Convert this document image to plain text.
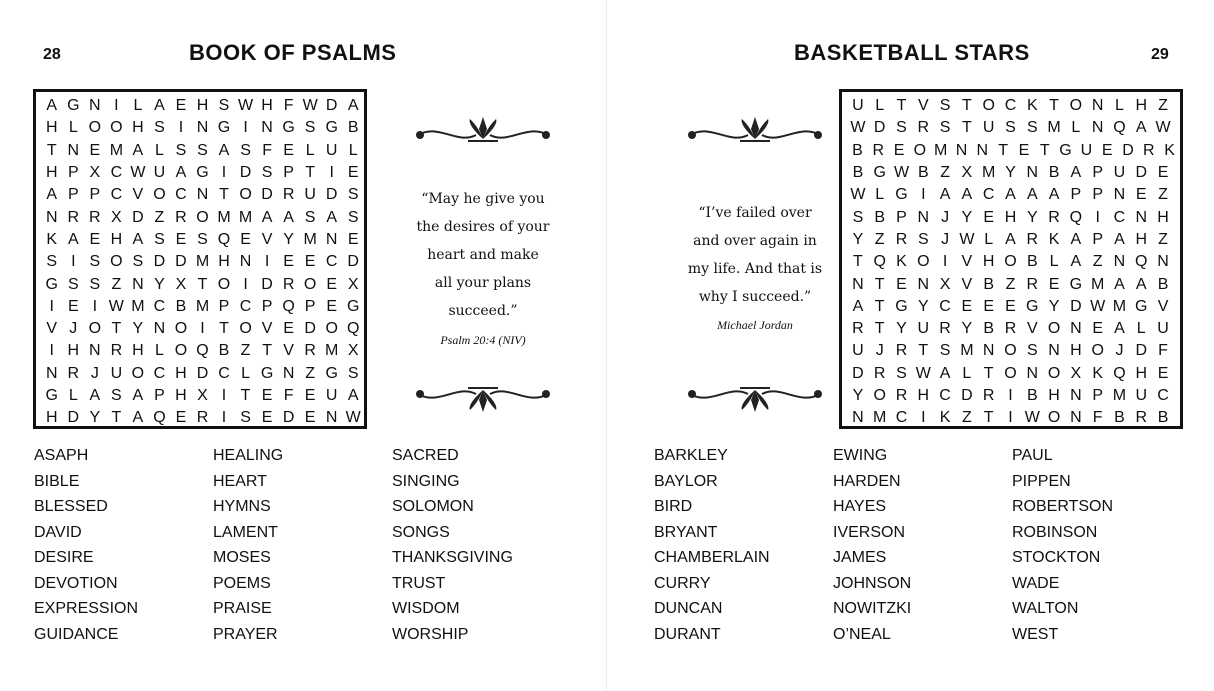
28	BOOK OF PSALMS
A G N I L A E H S W H F W D A
H L O O H S I N G I N G S G B
T N E M A L S S A S F E L U L
H P X C W U A G I D S P T I E
A P P C V O C N T O D R U D S
N R R X D Z R O M M A A S A S
K A E H A S E S Q E V Y M N E
S I S O S D D M H N I E E C D
G S S Z N Y X T O I D R O E X
I E I W M C B M P C P Q P E G
V J O T Y N O I T O V E D O Q
I H N R H L O Q B Z T V R M X
N R J U O C H D C L G N Z G S
G L A S A P H X I T E F E U A
H D Y T A Q E R I S E D E N W
“May he give you
the desires of your
heart and make
all your plans
succeed.”
Psalm 20:4 (NIV)
ASAPH
BIBLE
BLESSED
DAVID
DESIRE
DEVOTION
EXPRESSION
GUIDANCE
HEALING
HEART
HYMNS
LAMENT
MOSES
POEMS
PRAISE
PRAYER
SACRED
SINGING
SOLOMON
SONGS
THANKSGIVING
TRUST
WISDOM
WORSHIP
BASKETBALL STARS	29
“I’ve failed over
and over again in
my life. And that is
why I succeed.”
Michael Jordan
U L T V S T O C K T O N L H Z
W D S R S T U S S M L N Q A W
B R E O M N N T E T G U E D R K
B G W B Z X M Y N B A P U D E
W L G I A A C A A A P P N E Z
S B P N J Y E H Y R Q I C N H
Y Z R S J W L A R K A P A H Z
T Q K O I V H O B L A Z N Q N
N T E N X V B Z R E G M A A B
A T G Y C E E E G Y D W M G V
R T Y U R Y B R V O N E A L U
U J R T S M N O S N H O J D F
D R S W A L T O N O X K Q H E
Y O R H C D R I B H N P M U C
N M C I K Z T I W O N F B R B
BARKLEY
BAYLOR
BIRD
BRYANT
CHAMBERLAIN
CURRY
DUNCAN
DURANT
EWING
HARDEN
HAYES
IVERSON
JAMES
JOHNSON
NOWITZKI
O’NEAL
PAUL
PIPPEN
ROBERTSON
ROBINSON
STOCKTON
WADE
WALTON
WEST
